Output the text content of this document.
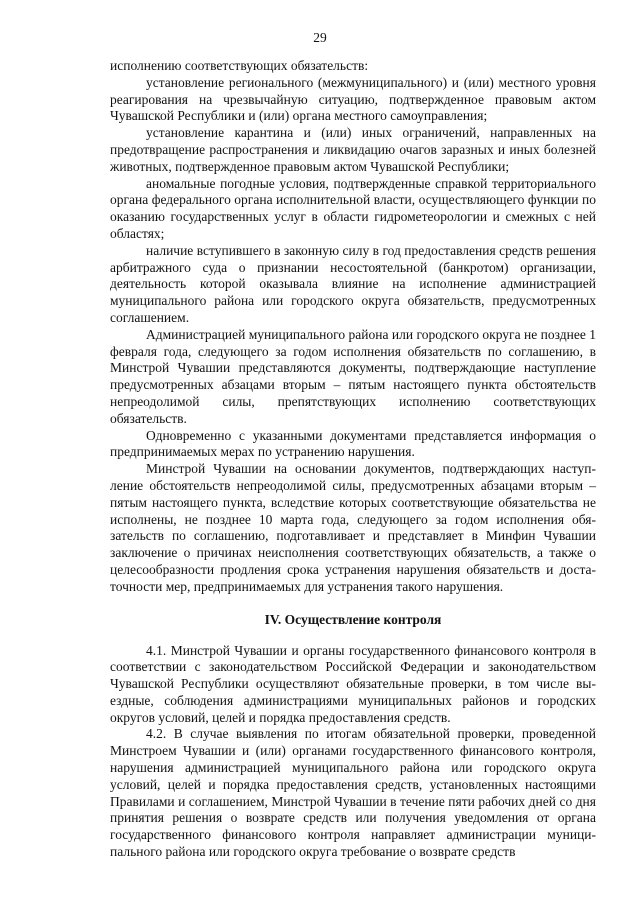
29

исполнению соответствующих обязательств:

установление регионального (межмуниципального) и (или) местного уровня реагирования на чрезвычайную ситуацию, подтвержденное правовым актом Чувашской Республики и (или) органа местного самоуправления;

установление карантина и (или) иных ограничений, направленных на предотвращение распространения и ликвидацию очагов заразных и иных болезней животных, подтвержденное правовым актом Чувашской Республики;

аномальные погодные условия, подтвержденные справкой территориального органа федерального органа исполнительной власти, осуществляющего функции по оказанию государственных услуг в области гидрометеорологии и смежных с ней областях;

наличие вступившего в законную силу в год предоставления средств решения арбитражного суда о признании несостоятельной (банкротом) организации, деятельность которой оказывала влияние на исполнение администрацией муниципального района или городского округа обязательств, предусмотренных соглашением.

Администрацией муниципального района или городского округа не позднее 1 февраля года, следующего за годом исполнения обязательств по соглашению, в Минстрой Чувашии представляются документы, подтверждающие наступление предусмотренных абзацами вторым – пятым настоящего пункта обстоятельств непреодолимой силы, препятствующих исполнению соответствующих обязательств.

Одновременно с указанными документами представляется информация о предпринимаемых мерах по устранению нарушения.

Минстрой Чувашии на основании документов, подтверждающих наступление обстоятельств непреодолимой силы, предусмотренных абзацами вторым – пятым настоящего пункта, вследствие которых соответствующие обязательства не исполнены, не позднее 10 марта года, следующего за годом исполнения обязательств по соглашению, подготавливает и представляет в Минфин Чувашии заключение о причинах неисполнения соответствующих обязательств, а также о целесообразности продления срока устранения нарушения обязательств и достаточности мер, предпринимаемых для устранения такого нарушения.

IV. Осуществление контроля

4.1. Минстрой Чувашии и органы государственного финансового контроля в соответствии с законодательством Российской Федерации и законодательством Чувашской Республики осуществляют обязательные проверки, в том числе выездные, соблюдения администрациями муниципальных районов и городских округов условий, целей и порядка предоставления средств.

4.2. В случае выявления по итогам обязательной проверки, проведенной Минстроем Чувашии и (или) органами государственного финансового контроля, нарушения администрацией муниципального района или городского округа условий, целей и порядка предоставления средств, установленных настоящими Правилами и соглашением, Минстрой Чувашии в течение пяти рабочих дней со дня принятия решения о возврате средств или получения уведомления от органа государственного финансового контроля направляет администрации муниципального района или городского округа требование о возврате средств
